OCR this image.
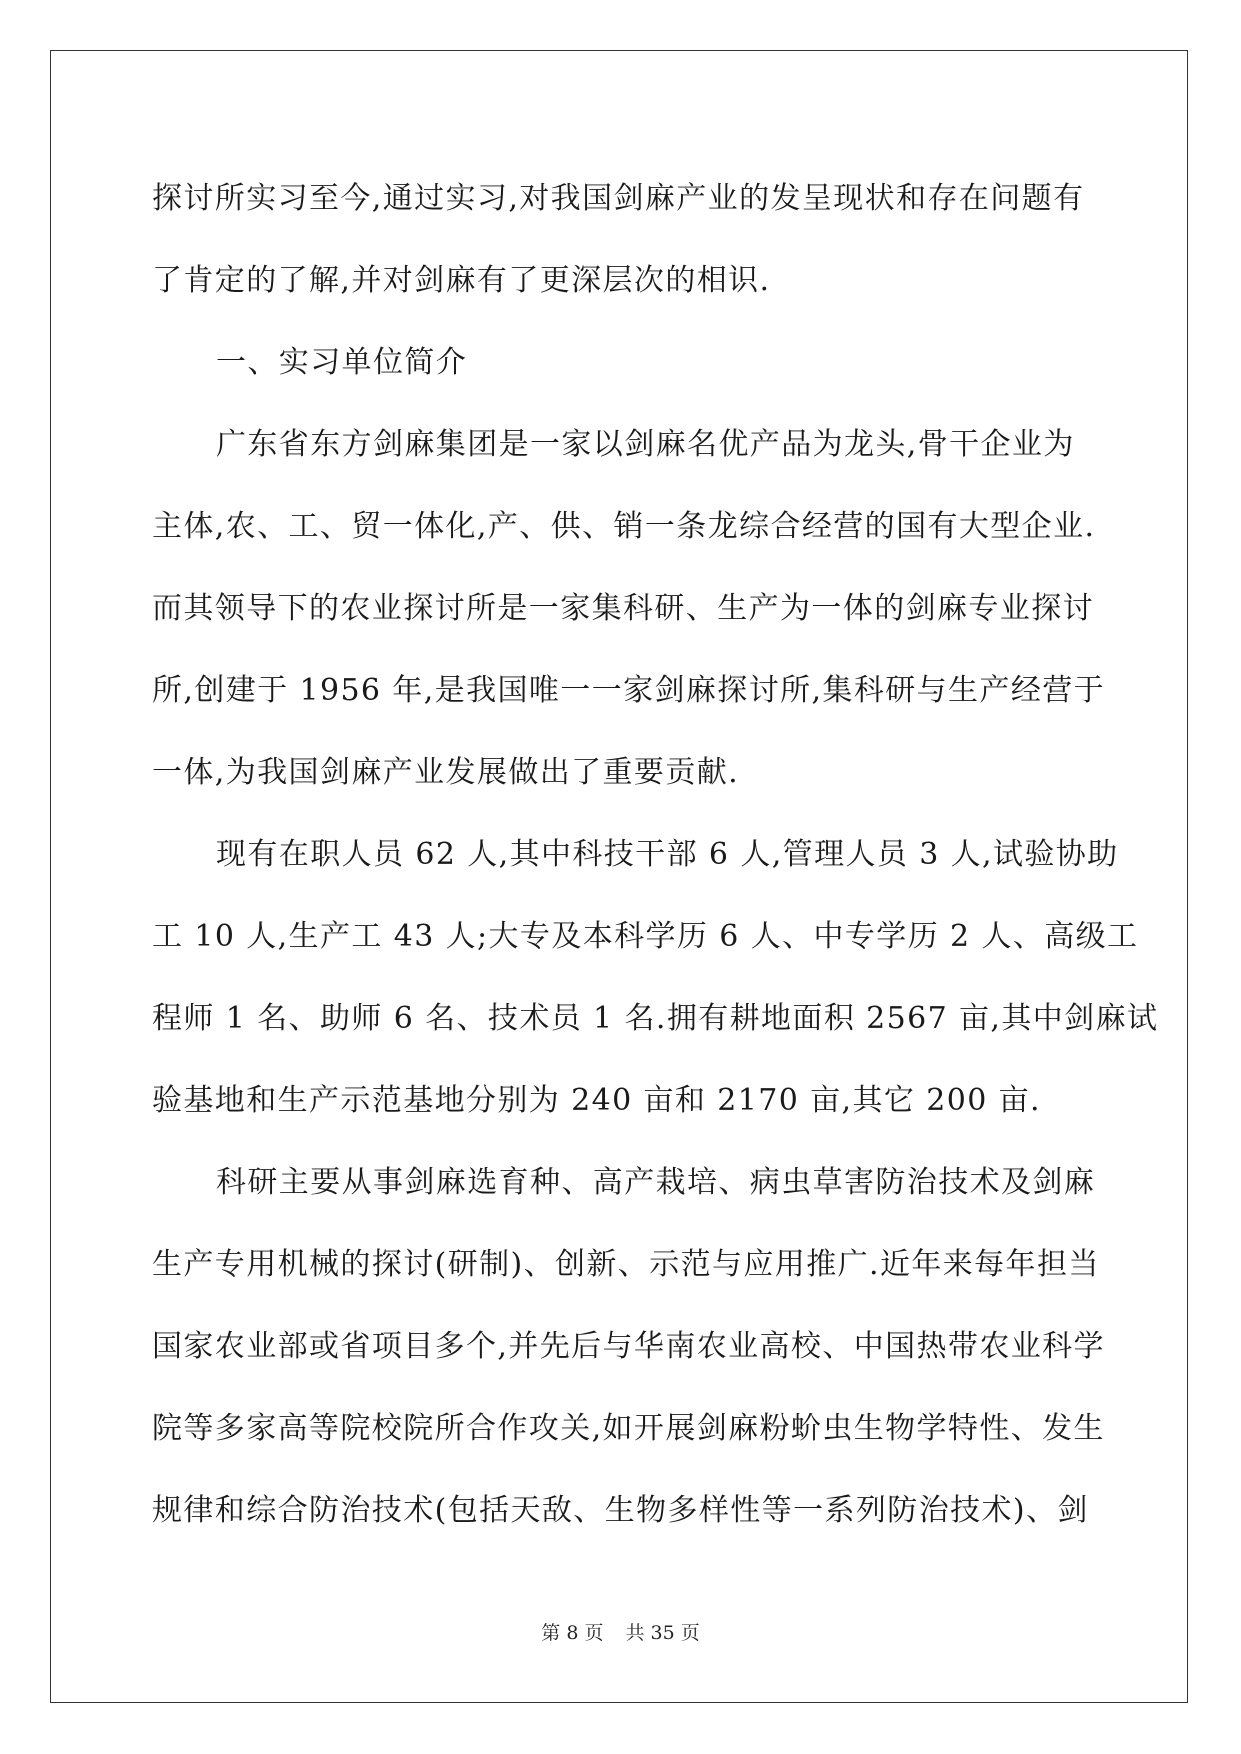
探讨所实习至今,通过实习,对我国剑麻产业的发呈现状和存在问题有
了肯定的了解,并对剑麻有了更深层次的相识.
一、实习单位简介
广东省东方剑麻集团是一家以剑麻名优产品为龙头,骨干企业为
主体,农、工、贸一体化,产、供、销一条龙综合经营的国有大型企业.
而其领导下的农业探讨所是一家集科研、生产为一体的剑麻专业探讨
所,创建于 1956 年,是我国唯一一家剑麻探讨所,集科研与生产经营于
一体,为我国剑麻产业发展做出了重要贡献.
现有在职人员 62 人,其中科技干部 6 人,管理人员 3 人,试验协助
工 10 人,生产工 43 人;大专及本科学历 6 人、中专学历 2 人、高级工
程师 1 名、助师 6 名、技术员 1 名.拥有耕地面积 2567 亩,其中剑麻试
验基地和生产示范基地分别为 240 亩和 2170 亩,其它 200 亩.
科研主要从事剑麻选育种、高产栽培、病虫草害防治技术及剑麻
生产专用机械的探讨(研制)、创新、示范与应用推广.近年来每年担当
国家农业部或省项目多个,并先后与华南农业高校、中国热带农业科学
院等多家高等院校院所合作攻关,如开展剑麻粉蚧虫生物学特性、发生
规律和综合防治技术(包括天敌、生物多样性等一系列防治技术)、剑
第 8 页 共 35 页
